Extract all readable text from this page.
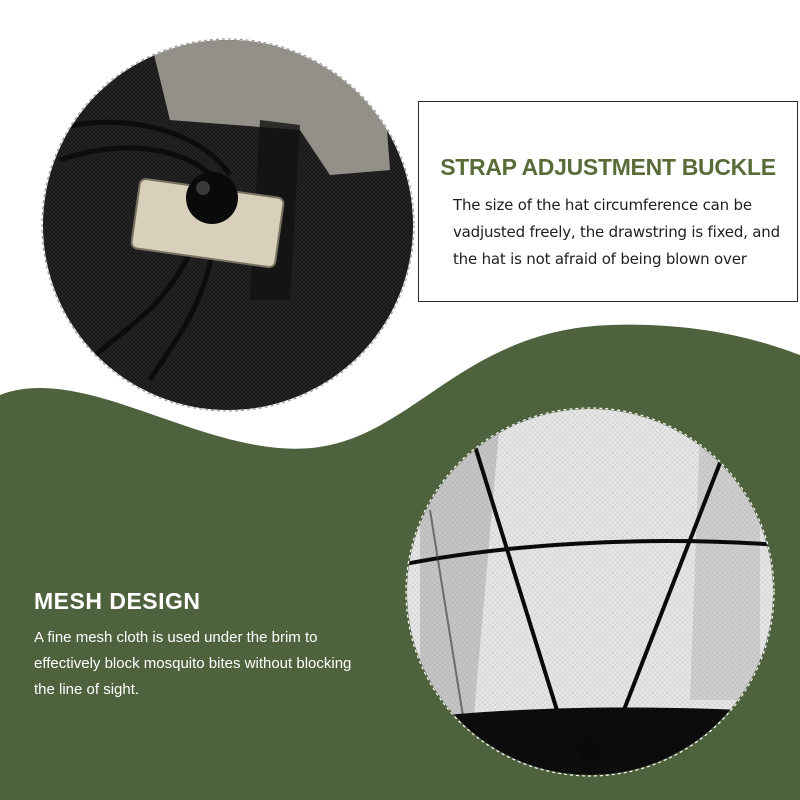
STRAP ADJUSTMENT BUCKLE
The size of the hat circumference can be
vadjusted freely, the drawstring is fixed, and
the hat is not afraid of being blown over
MESH DESIGN
A fine mesh cloth is used under the brim to
effectively block mosquito bites without blocking
the line of sight.
